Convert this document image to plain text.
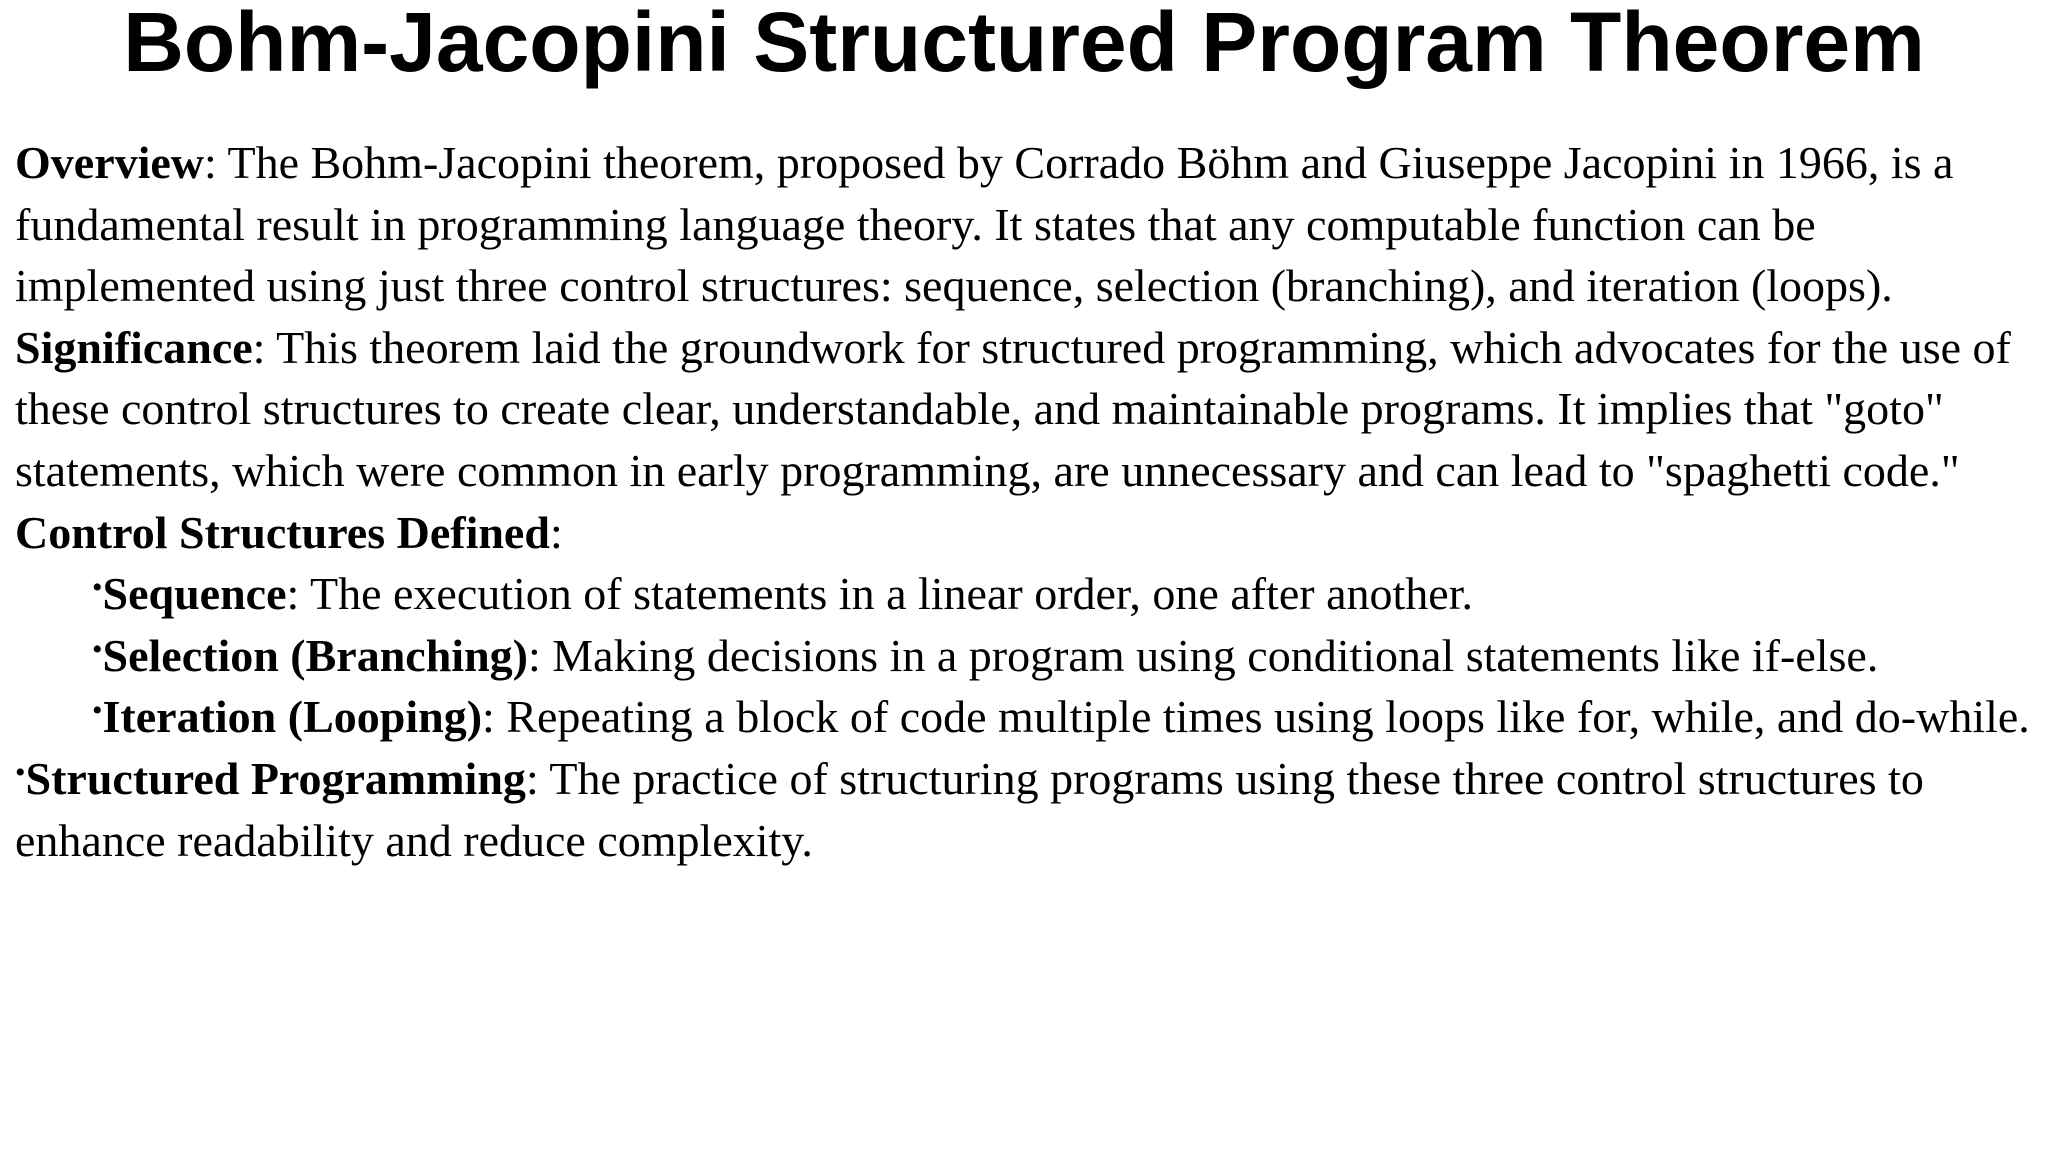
Bohm-Jacopini Structured Program Theorem

Overview: The Bohm-Jacopini theorem, proposed by Corrado Böhm and Giuseppe Jacopini in 1966, is a fundamental result in programming language theory. It states that any computable function can be implemented using just three control structures: sequence, selection (branching), and iteration (loops).

Significance: This theorem laid the groundwork for structured programming, which advocates for the use of these control structures to create clear, understandable, and maintainable programs. It implies that "goto" statements, which were common in early programming, are unnecessary and can lead to "spaghetti code."

Control Structures Defined:

•Sequence: The execution of statements in a linear order, one after another.

•Selection (Branching): Making decisions in a program using conditional statements like if-else.

•Iteration (Looping): Repeating a block of code multiple times using loops like for, while, and do-while.

•Structured Programming: The practice of structuring programs using these three control structures to enhance readability and reduce complexity.
